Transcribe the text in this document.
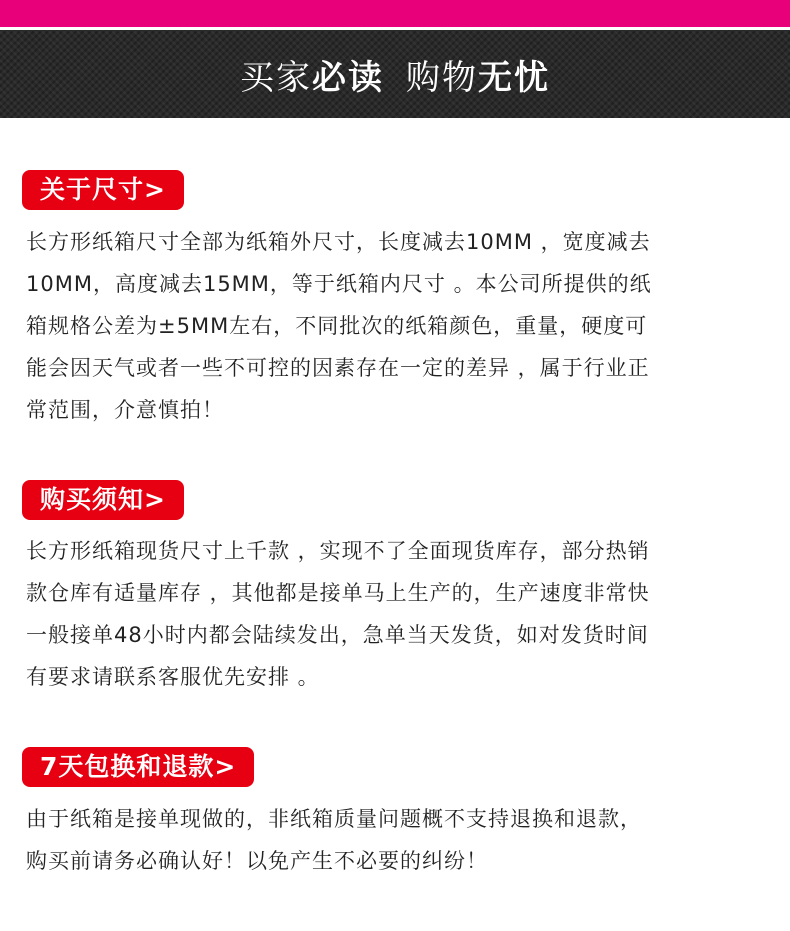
买家必读 购物无忧
关于尺寸>
长方形纸箱尺寸全部为纸箱外尺寸，长度减去10MM ，宽度减去
10MM，高度减去15MM，等于纸箱内尺寸 。本公司所提供的纸
箱规格公差为±5MM左右，不同批次的纸箱颜色，重量，硬度可
能会因天气或者一些不可控的因素存在一定的差异 ，属于行业正
常范围，介意慎拍！
购买须知>
长方形纸箱现货尺寸上千款 ，实现不了全面现货库存，部分热销
款仓库有适量库存 ，其他都是接单马上生产的，生产速度非常快
一般接单48小时内都会陆续发出，急单当天发货，如对发货时间
有要求请联系客服优先安排 。
7天包换和退款>
由于纸箱是接单现做的，非纸箱质量问题概不支持退换和退款，
购买前请务必确认好！以免产生不必要的纠纷！
